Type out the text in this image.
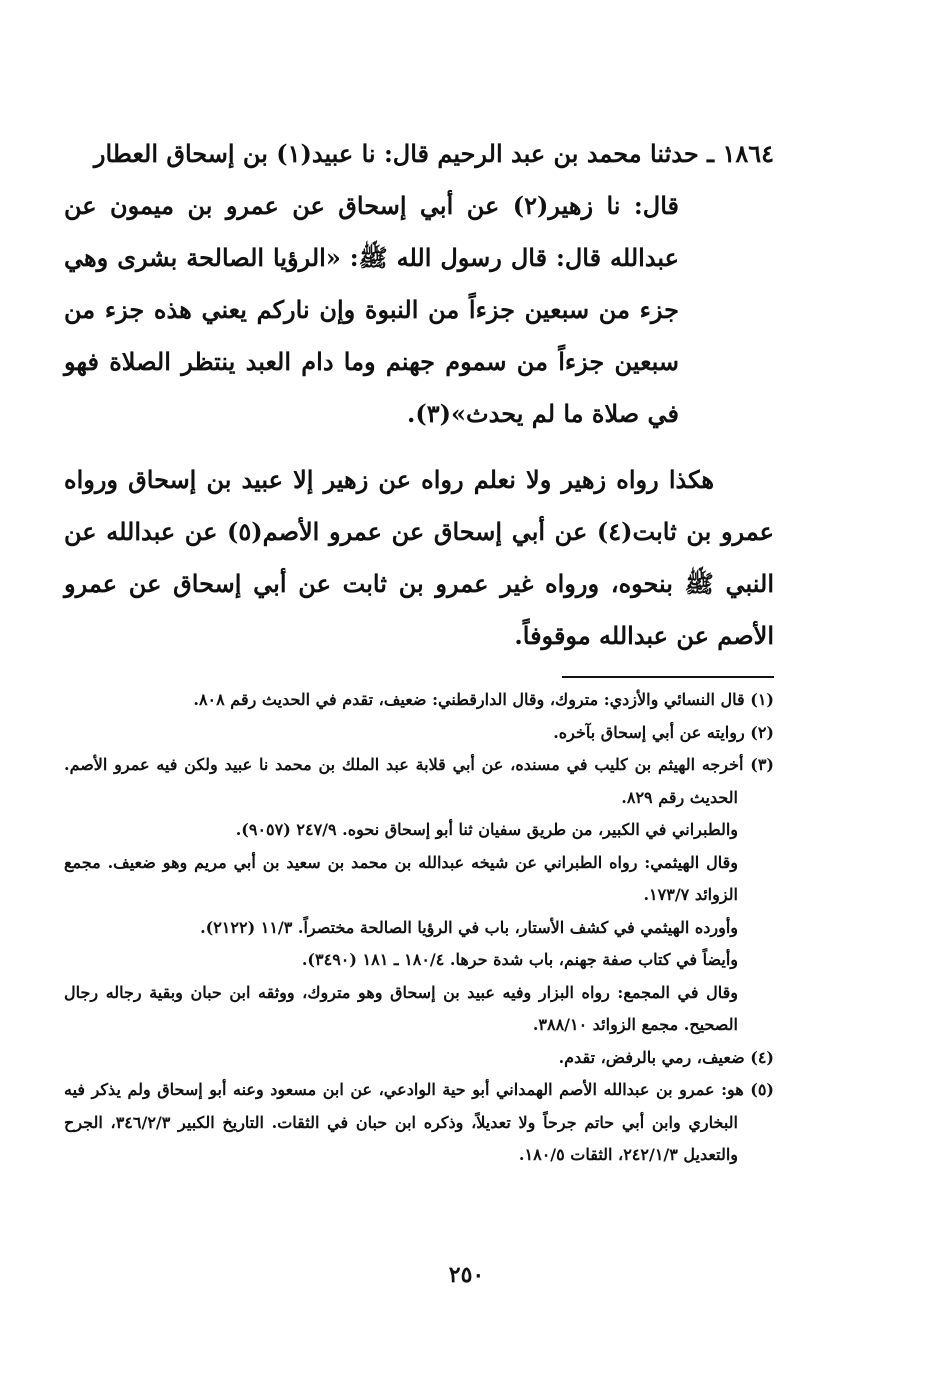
١٨٦٤ ـ حدثنا محمد بن عبد الرحيم قال: نا عبيد(١) بن إسحاق العطار
قال: نا زهير(٢) عن أبي إسحاق عن عمرو بن ميمون عن عبدالله قال: قال رسول الله ﷺ: «الرؤيا الصالحة بشرى وهي جزء من سبعين جزءاً من النبوة وإن ناركم يعني هذه جزء من سبعين جزءاً من سموم جهنم وما دام العبد ينتظر الصلاة فهو في صلاة ما لم يحدث»(٣).

هكذا رواه زهير ولا نعلم رواه عن زهير إلا عبيد بن إسحاق ورواه عمرو بن ثابت(٤) عن أبي إسحاق عن عمرو الأصم(٥) عن عبدالله عن النبي ﷺ بنحوه، ورواه غير عمرو بن ثابت عن أبي إسحاق عن عمرو الأصم عن عبدالله موقوفاً.

(١) قال النسائي والأزدي: متروك، وقال الدارقطني: ضعيف، تقدم في الحديث رقم ٨٠٨.
(٢) روايته عن أبي إسحاق بآخره.
(٣) أخرجه الهيثم بن كليب في مسنده، عن أبي قلابة عبد الملك بن محمد نا عبيد ولكن فيه عمرو الأصم. الحديث رقم ٨٢٩.
والطبراني في الكبير، من طريق سفيان ثنا أبو إسحاق نحوه. ٢٤٧/٩ (٩٠٥٧).
وقال الهيثمي: رواه الطبراني عن شيخه عبدالله بن محمد بن سعيد بن أبي مريم وهو ضعيف. مجمع الزوائد ١٧٣/٧.
وأورده الهيثمي في كشف الأستار، باب في الرؤيا الصالحة مختصراً. ١١/٣ (٢١٢٢).
وأيضاً في كتاب صفة جهنم، باب شدة حرها. ١٨٠/٤ ـ ١٨١ (٣٤٩٠).
وقال في المجمع: رواه البزار وفيه عبيد بن إسحاق وهو متروك، ووثقه ابن حبان وبقية رجاله رجال الصحيح. مجمع الزوائد ٣٨٨/١٠.
(٤) ضعيف، رمي بالرفض، تقدم.
(٥) هو: عمرو بن عبدالله الأصم الهمداني أبو حية الوادعي، عن ابن مسعود وعنه أبو إسحاق ولم يذكر فيه البخاري وابن أبي حاتم جرحاً ولا تعديلاً، وذكره ابن حبان في الثقات. التاريخ الكبير ٣٤٦/٢/٣، الجرح والتعديل ٢٤٢/١/٣، الثقات ١٨٠/٥.
٢٥٠
